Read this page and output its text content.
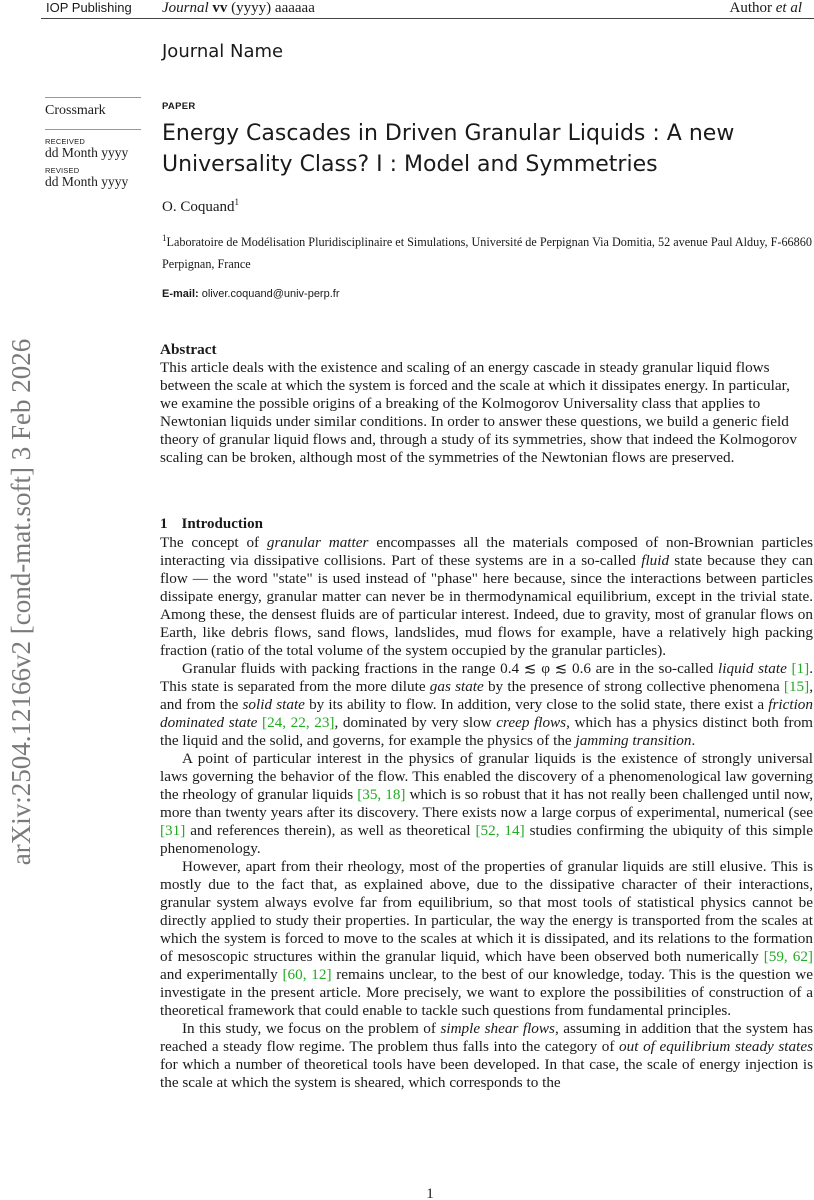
IOP Publishing Journal vv (yyyy) aaaaaa	Author et al
Journal Name
Crossmark
RECEIVED
dd Month yyyy
REVISED
dd Month yyyy
arXiv:2504.12166v2 [cond-mat.soft] 3 Feb 2026
PAPER
Energy Cascades in Driven Granular Liquids : A new
Universality Class? I : Model and Symmetries
O. Coquand$^1$
$^1$Laboratoire de Modélisation Pluridisciplinaire et Simulations, Université de Perpignan Via Domitia, 52 avenue Paul Alduy, F-66860 Perpignan, France
E-mail: oliver.coquand@univ-perp.fr
Abstract
This article deals with the existence and scaling of an energy cascade in steady granular liquid flows between the scale at which the system is forced and the scale at which it dissipates energy. In particular, we examine the possible origins of a breaking of the Kolmogorov Universality class that applies to Newtonian liquids under similar conditions. In order to answer these questions, we build a generic field theory of granular liquid flows and, through a study of its symmetries, show that indeed the Kolmogorov scaling can be broken, although most of the symmetries of the Newtonian flows are preserved.
1 Introduction

The concept of granular matter encompasses all the materials composed of non-Brownian particles interacting via dissipative collisions. Part of these systems are in a so-called fluid state because they can flow — the word "state" is used instead of "phase" here because, since the interactions between particles dissipate energy, granular matter can never be in thermodynamical equilibrium, except in the trivial state. Among these, the densest fluids are of particular interest. Indeed, due to gravity, most of granular flows on Earth, like debris flows, sand flows, landslides, mud flows for example, have a relatively high packing fraction (ratio of the total volume of the system occupied by the granular particles).

Granular fluids with packing fractions in the range 0.4 ≲ φ ≲ 0.6 are in the so-called liquid state [1]. This state is separated from the more dilute gas state by the presence of strong collective phenomena [15], and from the solid state by its ability to flow. In addition, very close to the solid state, there exist a friction dominated state [24, 22, 23], dominated by very slow creep flows, which has a physics distinct both from the liquid and the solid, and governs, for example the physics of the jamming transition.

A point of particular interest in the physics of granular liquids is the existence of strongly universal laws governing the behavior of the flow. This enabled the discovery of a phenomenological law governing the rheology of granular liquids [35, 18] which is so robust that it has not really been challenged until now, more than twenty years after its discovery. There exists now a large corpus of experimental, numerical (see [31] and references therein), as well as theoretical [52, 14] studies confirming the ubiquity of this simple phenomenology.

However, apart from their rheology, most of the properties of granular liquids are still elusive. This is mostly due to the fact that, as explained above, due to the dissipative character of their interactions, granular system always evolve far from equilibrium, so that most tools of statistical physics cannot be directly applied to study their properties. In particular, the way the energy is transported from the scales at which the system is forced to move to the scales at which it is dissipated, and its relations to the formation of mesoscopic structures within the granular liquid, which have been observed both numerically [59, 62] and experimentally [60, 12] remains unclear, to the best of our knowledge, today. This is the question we investigate in the present article. More precisely, we want to explore the possibilities of construction of a theoretical framework that could enable to tackle such questions from fundamental principles.

In this study, we focus on the problem of simple shear flows, assuming in addition that the system has reached a steady flow regime. The problem thus falls into the category of out of equilibrium steady states for which a number of theoretical tools have been developed. In that case, the scale of energy injection is the scale at which the system is sheared, which corresponds to the

1
